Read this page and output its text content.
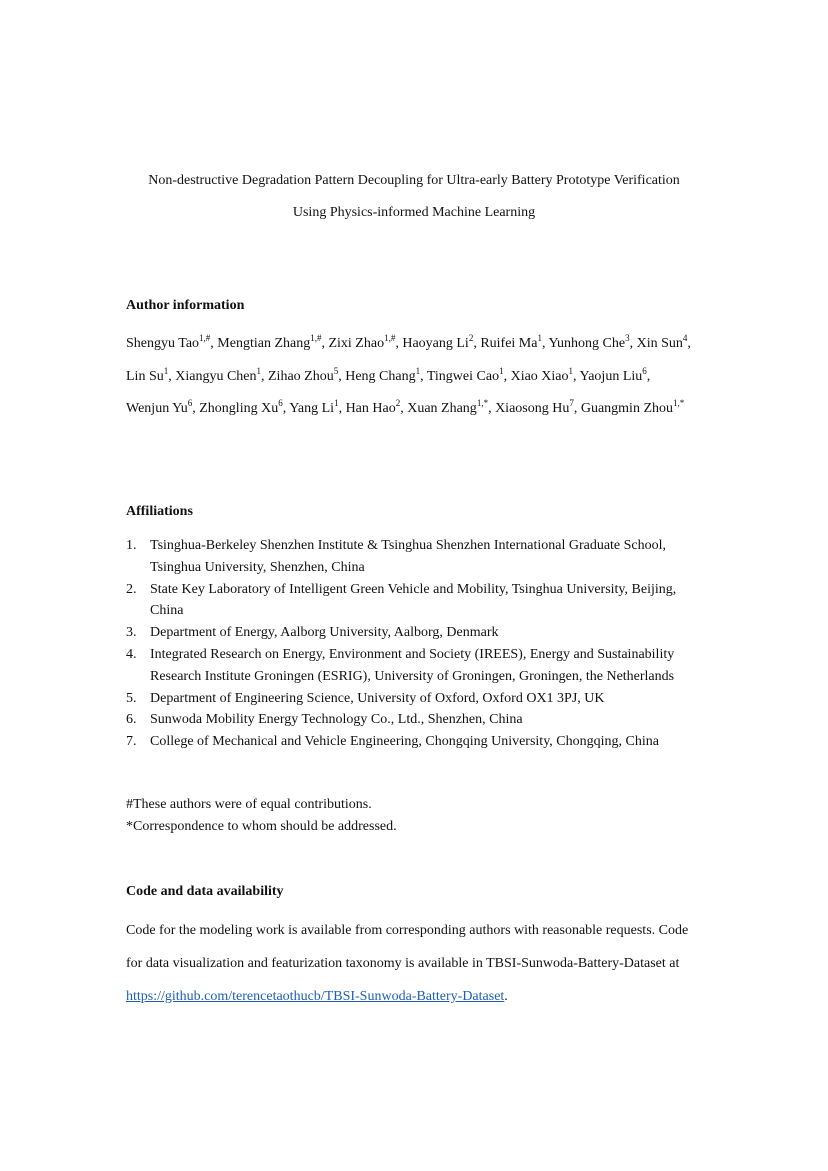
Non-destructive Degradation Pattern Decoupling for Ultra-early Battery Prototype Verification
Using Physics-informed Machine Learning
Author information
Shengyu Tao$^{1,\#}$, Mengtian Zhang$^{1,\#}$, Zixi Zhao$^{1,\#}$, Haoyang Li$^2$, Ruifei Ma$^1$, Yunhong Che$^3$, Xin Sun$^4$, Lin Su$^1$, Xiangyu Chen$^1$, Zihao Zhou$^5$, Heng Chang$^1$, Tingwei Cao$^1$, Xiao Xiao$^1$, Yaojun Liu$^6$, Wenjun Yu$^6$, Zhongling Xu$^6$, Yang Li$^1$, Han Hao$^2$, Xuan Zhang$^{1,*}$, Xiaosong Hu$^7$, Guangmin Zhou$^{1,*}$
Affiliations
1. Tsinghua-Berkeley Shenzhen Institute & Tsinghua Shenzhen International Graduate School,
Tsinghua University, Shenzhen, China
2. State Key Laboratory of Intelligent Green Vehicle and Mobility, Tsinghua University, Beijing,
China
3. Department of Energy, Aalborg University, Aalborg, Denmark
4. Integrated Research on Energy, Environment and Society (IREES), Energy and Sustainability
Research Institute Groningen (ESRIG), University of Groningen, Groningen, the Netherlands
5. Department of Engineering Science, University of Oxford, Oxford OX1 3PJ, UK
6. Sunwoda Mobility Energy Technology Co., Ltd., Shenzhen, China
7. College of Mechanical and Vehicle Engineering, Chongqing University, Chongqing, China
#These authors were of equal contributions.
*Correspondence to whom should be addressed.
Code and data availability
Code for the modeling work is available from corresponding authors with reasonable requests. Code for data visualization and featurization taxonomy is available in TBSI-Sunwoda-Battery-Dataset at https://github.com/terencetaothucb/TBSI-Sunwoda-Battery-Dataset.
